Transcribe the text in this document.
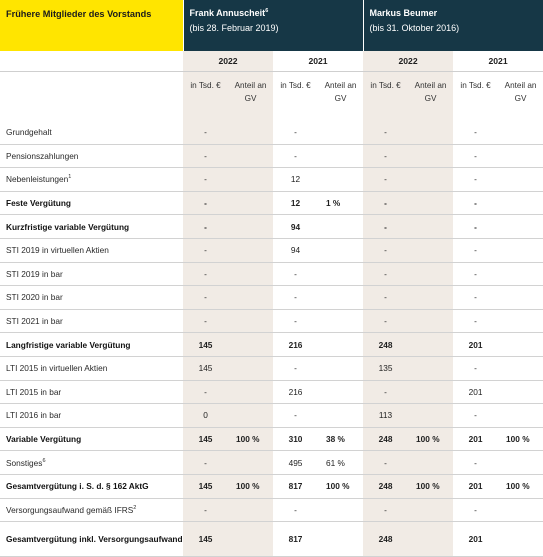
Frühere Mitglieder des Vorstands	Frank Annuscheit$^6$
(bis 28. Februar 2019)				Markus Beumer
(bis 31. Oktober 2016)			
	2022		2021		2022		2021	
	in Tsd. €	Anteil an GV	in Tsd. €	Anteil an GV	in Tsd. €	Anteil an GV	in Tsd. €	Anteil an GV
Grundgehalt	-		-		-		-	
Pensionszahlungen	-		-		-		-	
Nebenleistungen$^1$	-		12		-		-	
Feste Vergütung	-		12	1 %	-		-	
Kurzfristige variable Vergütung	-		94		-		-	
STI 2019 in virtuellen Aktien	-		94		-		-	
STI 2019 in bar	-		-		-		-	
STI 2020 in bar	-		-		-		-	
STI 2021 in bar	-		-		-		-	
Langfristige variable Vergütung	145		216		248		201	
LTI 2015 in virtuellen Aktien	145		-		135		-	
LTI 2015 in bar	-		216		-		201	
LTI 2016 in bar	0		-		113		-	
Variable Vergütung	145	100 %	310	38 %	248	100 %	201	100 %
Sonstiges$^6$	-		495	61 %	-		-	
Gesamtvergütung i. S. d. § 162 AktG	145	100 %	817	100 %	248	100 %	201	100 %
Versorgungsaufwand gemäß IFRS$^2$	-		-		-		-	
Gesamtvergütung inkl. Versorgungsaufwand	145		817		248		201	
